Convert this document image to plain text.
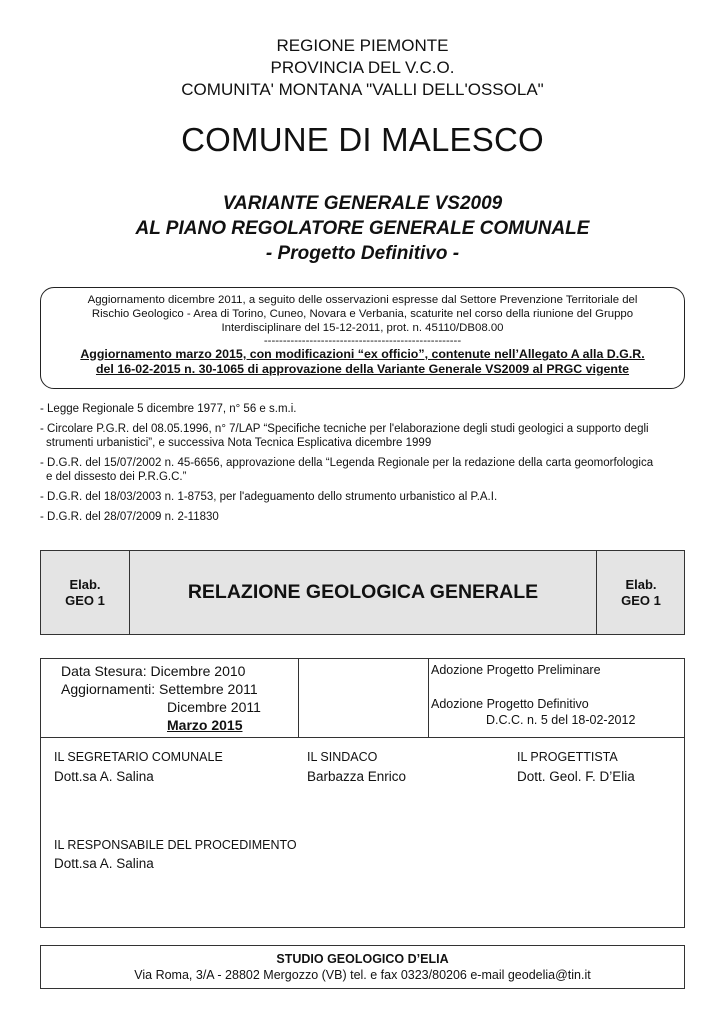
REGIONE PIEMONTE
PROVINCIA DEL V.C.O.
COMUNITA' MONTANA "VALLI DELL'OSSOLA"
COMUNE DI MALESCO
VARIANTE GENERALE VS2009
AL PIANO REGOLATORE GENERALE COMUNALE
- Progetto Definitivo -
Aggiornamento dicembre 2011, a seguito delle osservazioni espresse dal Settore Prevenzione Territoriale del
Rischio Geologico - Area di Torino, Cuneo, Novara e Verbania, scaturite nel corso della riunione del Gruppo
Interdisciplinare del 15-12-2011, prot. n. 45110/DB08.00
----------------------------------------------------
Aggiornamento marzo 2015, con modificazioni “ex officio”, contenute nell’Allegato A alla D.G.R.
del 16-02-2015 n. 30-1065 di approvazione della Variante Generale VS2009 al PRGC vigente
- Legge Regionale 5 dicembre 1977, n° 56 e s.m.i.
- Circolare P.G.R. del 08.05.1996, n° 7/LAP “Specifiche tecniche per l'elaborazione degli studi geologici a supporto degli
strumenti urbanistici”, e successiva Nota Tecnica Esplicativa dicembre 1999
- D.G.R. del 15/07/2002 n. 45-6656, approvazione della “Legenda Regionale per la redazione della carta geomorfologica
e del dissesto dei P.R.G.C.”
- D.G.R. del 18/03/2003 n. 1-8753, per l'adeguamento dello strumento urbanistico al P.A.I.
- D.G.R. del 28/07/2009 n. 2-11830
Elab.
GEO 1	RELAZIONE GEOLOGICA GENERALE	Elab.
GEO 1
Data Stesura: Dicembre 2010
Aggiornamenti: Settembre 2011
Dicembre 2011
Marzo 2015
Adozione Progetto Preliminare
Adozione Progetto Definitivo
D.C.C. n. 5 del 18-02-2012
IL SEGRETARIO COMUNALE
Dott.sa A. Salina
IL SINDACO
Barbazza Enrico
IL PROGETTISTA
Dott. Geol. F. D’Elia
IL RESPONSABILE DEL PROCEDIMENTO
Dott.sa A. Salina
STUDIO GEOLOGICO D’ELIA
Via Roma, 3/A - 28802 Mergozzo (VB) tel. e fax 0323/80206 e-mail geodelia@tin.it
